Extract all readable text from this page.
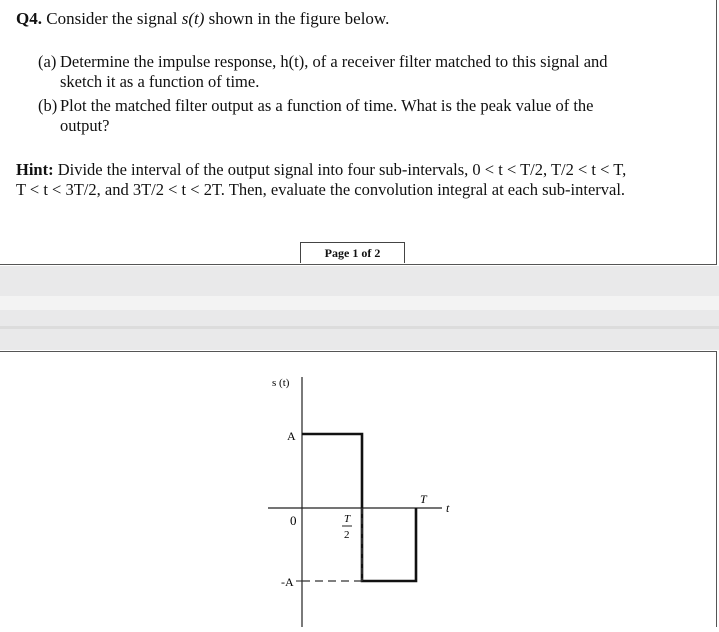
Q4. Consider the signal s(t) shown in the figure below.
(a) Determine the impulse response, h(t), of a receiver filter matched to this signal and
sketch it as a function of time.
(b) Plot the matched filter output as a function of time. What is the peak value of the
output?
Hint: Divide the interval of the output signal into four sub-intervals, 0 < t < T/2, T/2 < t < T,
T < t < 3T/2, and 3T/2 < t < 2T. Then, evaluate the convolution integral at each sub-interval.
Page 1 of 2
s (t)
A
0
-A
T
t
T
2
